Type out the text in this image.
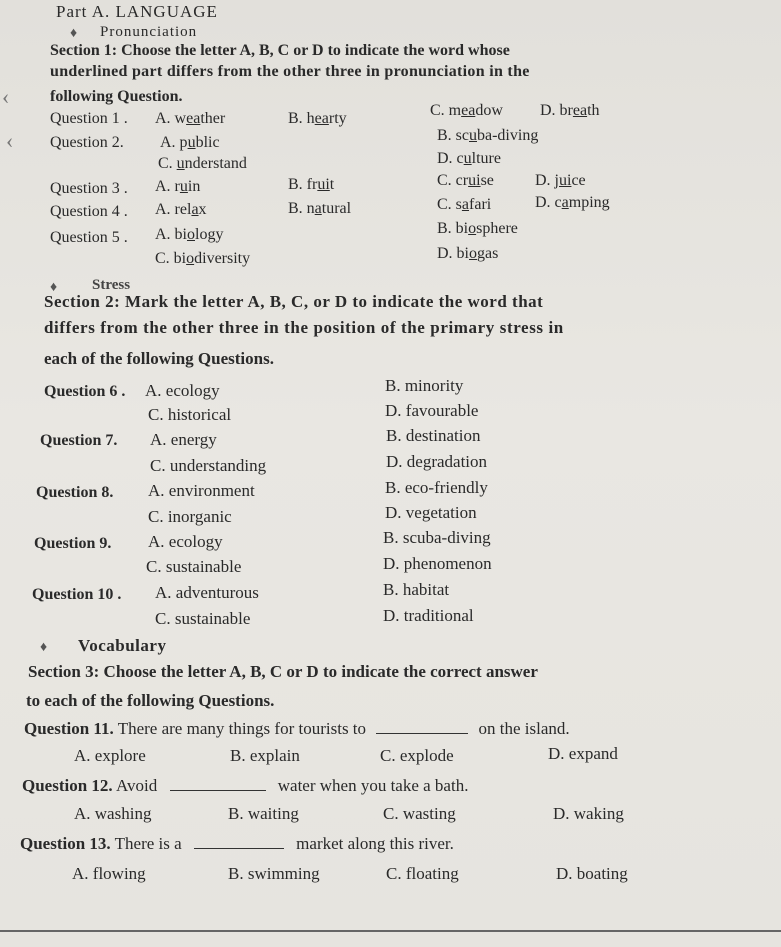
‹
‹
Part A. LANGUAGE
♦ Pronunciation
Section 1: Choose the letter A, B, C or D to indicate the word whose
underlined part differs from the other three in pronunciation in the
following Question.
Question 1 . A. weather	B. hearty	C. meadow D. breath
Question 2. A. public	B. scuba-diving
C. understand	D. culture
Question 3 . A. ruin	B. fruit	C. cruise	D. juice
Question 4 . A. relax	B. natural	C. safari	D. camping
Question 5 . A. biology	B. biosphere
C. biodiversity	D. biogas
♦ Stress
Section 2: Mark the letter A, B, C, or D to indicate the word that
differs from the other three in the position of the primary stress in
each of the following Questions.
Question 6 . A. ecology	B. minority
C. historical	D. favourable
Question 7. A. energy	B. destination
C. understanding	D. degradation
Question 8. A. environment	B. eco-friendly
C. inorganic	D. vegetation
Question 9. A. ecology	B. scuba-diving
C. sustainable	D. phenomenon
Question 10 . A. adventurous	B. habitat
C. sustainable	D. traditional
♦ Vocabulary
Section 3: Choose the letter A, B, C or D to indicate the correct answer
to each of the following Questions.
Question 11. There are many things for tourists to	on the island.
A. explore	B. explain	C. explode	D. expand
Question 12. Avoid	water when you take a bath.
A. washing	B. waiting	C. wasting	D. waking
Question 13. There is a	market along this river.
A. flowing	B. swimming	C. floating	D. boating
